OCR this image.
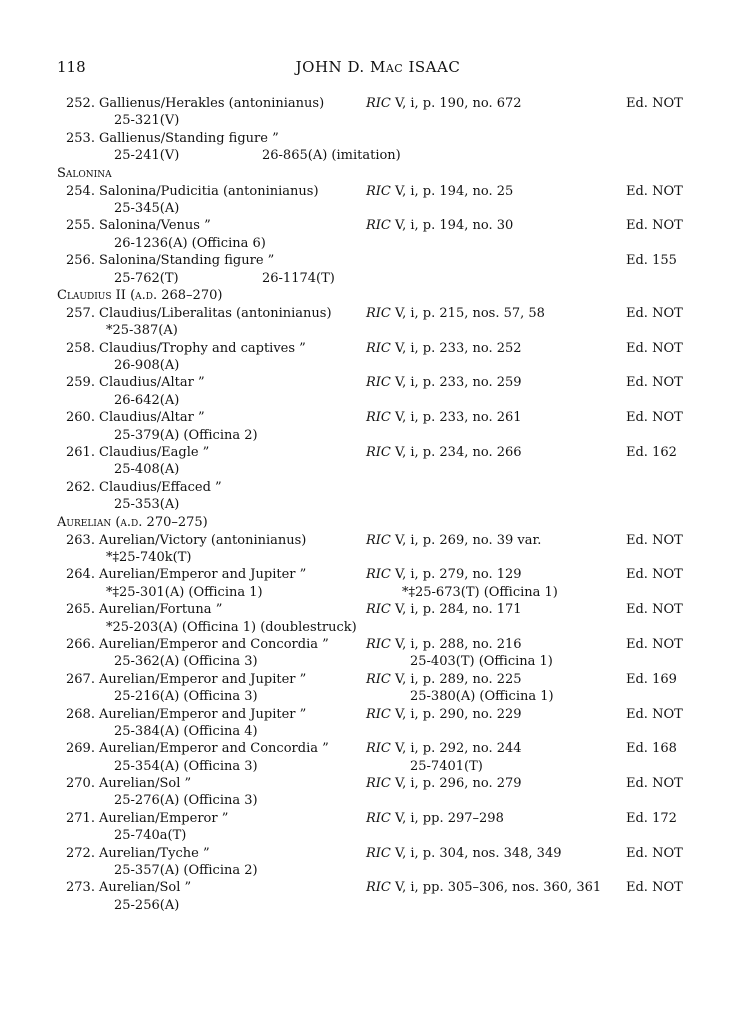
118	JOHN D. Mac ISAAC
252. Gallienus/Herakles (antoninianus)	RIC V, i, p. 190, no. 672	Ed. NOT
25-321(V)
253. Gallienus/Standing figure ”
25-241(V)	26-865(A) (imitation)
Salonina
254. Salonina/Pudicitia (antoninianus)	RIC V, i, p. 194, no. 25	Ed. NOT
25-345(A)
255. Salonina/Venus ”	RIC V, i, p. 194, no. 30	Ed. NOT
26-1236(A) (Officina 6)
256. Salonina/Standing figure ”	Ed. 155
25-762(T)	26-1174(T)
Claudius II (a.d. 268–270)
257. Claudius/Liberalitas (antoninianus)	RIC V, i, p. 215, nos. 57, 58	Ed. NOT
*25-387(A)
258. Claudius/Trophy and captives ”	RIC V, i, p. 233, no. 252	Ed. NOT
26-908(A)
259. Claudius/Altar ”	RIC V, i, p. 233, no. 259	Ed. NOT
26-642(A)
260. Claudius/Altar ”	RIC V, i, p. 233, no. 261	Ed. NOT
25-379(A) (Officina 2)
261. Claudius/Eagle ”	RIC V, i, p. 234, no. 266	Ed. 162
25-408(A)
262. Claudius/Effaced ”
25-353(A)
Aurelian (a.d. 270–275)
263. Aurelian/Victory (antoninianus)	RIC V, i, p. 269, no. 39 var.	Ed. NOT
*‡25-740k(T)
264. Aurelian/Emperor and Jupiter ”	RIC V, i, p. 279, no. 129	Ed. NOT
*‡25-301(A) (Officina 1)	*‡25-673(T) (Officina 1)
265. Aurelian/Fortuna ”	RIC V, i, p. 284, no. 171	Ed. NOT
*25-203(A) (Officina 1) (doublestruck)
266. Aurelian/Emperor and Concordia ”	RIC V, i, p. 288, no. 216	Ed. NOT
25-362(A) (Officina 3)	25-403(T) (Officina 1)
267. Aurelian/Emperor and Jupiter ”	RIC V, i, p. 289, no. 225	Ed. 169
25-216(A) (Officina 3)	25-380(A) (Officina 1)
268. Aurelian/Emperor and Jupiter ”	RIC V, i, p. 290, no. 229	Ed. NOT
25-384(A) (Officina 4)
269. Aurelian/Emperor and Concordia ”	RIC V, i, p. 292, no. 244	Ed. 168
25-354(A) (Officina 3)	25-7401(T)
270. Aurelian/Sol ”	RIC V, i, p. 296, no. 279	Ed. NOT
25-276(A) (Officina 3)
271. Aurelian/Emperor ”	RIC V, i, pp. 297–298	Ed. 172
25-740a(T)
272. Aurelian/Tyche ”	RIC V, i, p. 304, nos. 348, 349	Ed. NOT
25-357(A) (Officina 2)
273. Aurelian/Sol ”	RIC V, i, pp. 305–306, nos. 360, 361 Ed. NOT
25-256(A)
